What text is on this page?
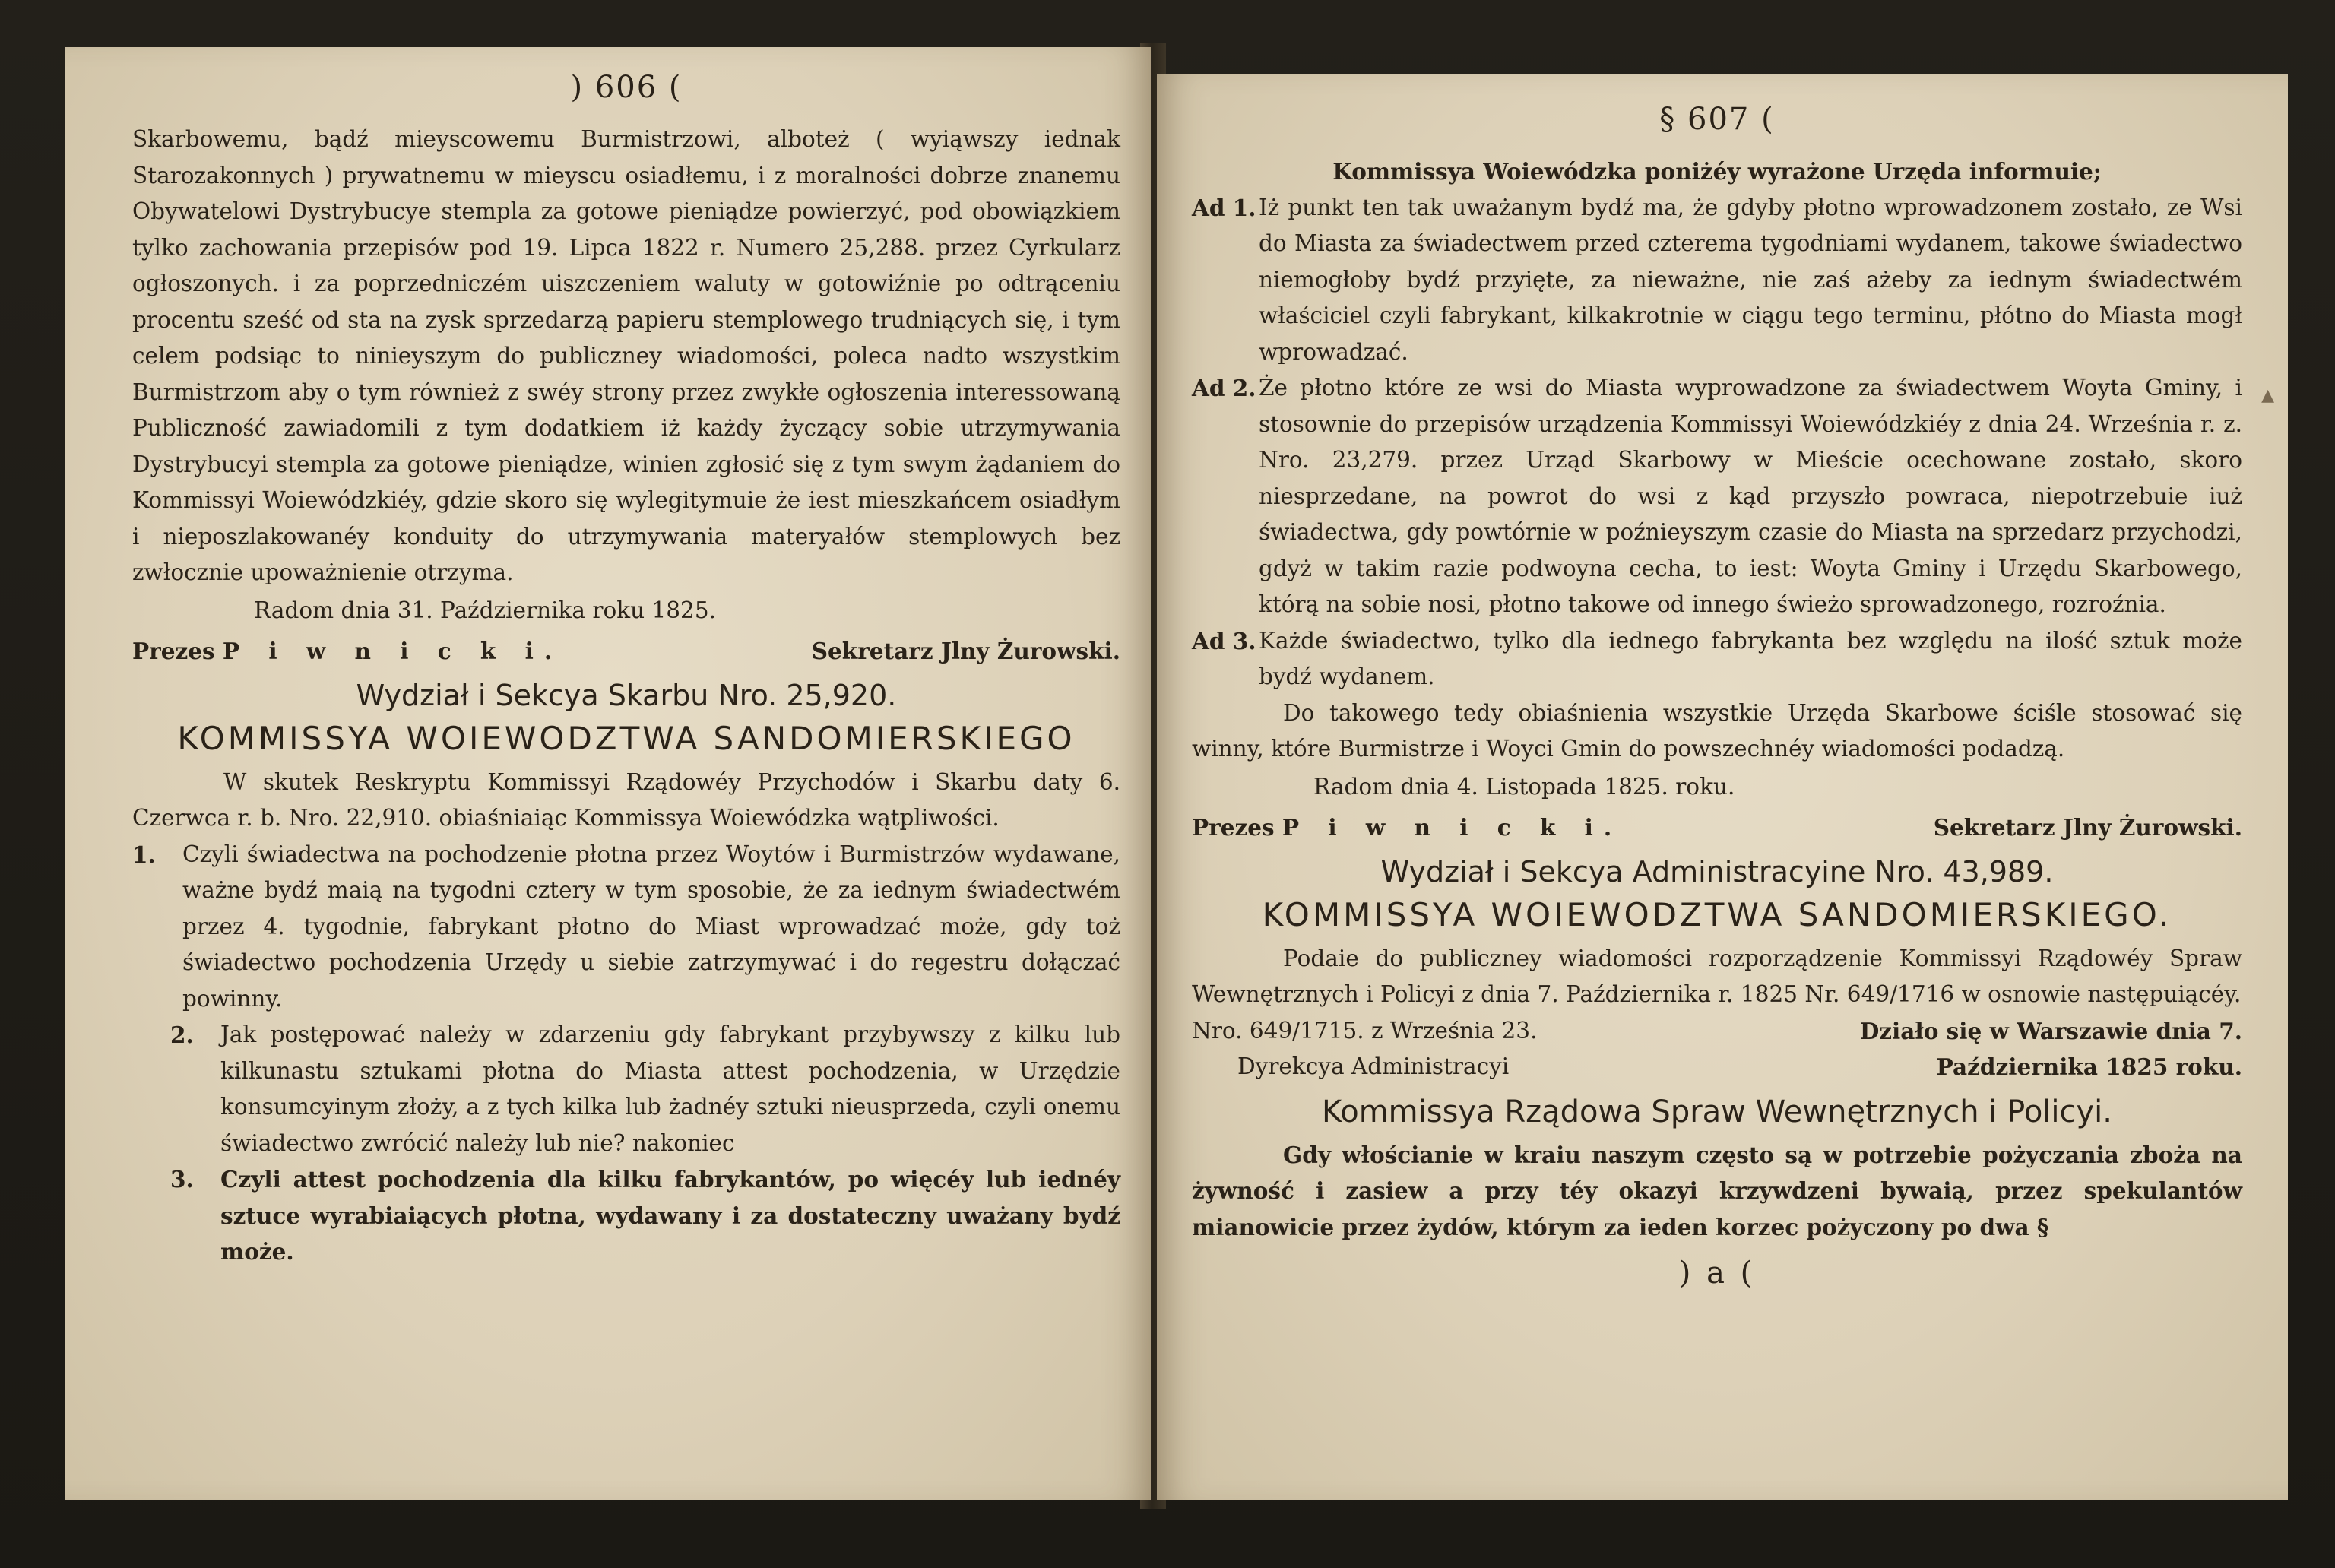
) 606 (

Skarbowemu, bądź mieyscowemu Burmistrzowi, alboteż ( wyiąwszy iednak Starozakonnych ) prywatnemu w mieyscu osiadłemu, i z moralności dobrze znanemu Obywatelowi Dystrybucye stempla za gotowe pieniądze powierzyć, pod obowiązkiem tylko zachowania przepisów pod 19. Lipca 1822 r. Numero 25,288. przez Cyrkularz ogłoszonych. i za poprzedniczém uiszczeniem waluty w gotowiźnie po odtrąceniu procentu sześć od sta na zysk sprzedarzą papieru stemplowego trudniących się, i tym celem podsiąc to ninieyszym do publiczney wiadomości, poleca nadto wszystkim Burmistrzom aby o tym również z swéy strony przez zwykłe ogłoszenia interessowaną Publiczność zawiadomili z tym dodatkiem iż każdy życzący sobie utrzymywania Dystrybucyi stempla za gotowe pieniądze, winien zgłosić się z tym swym żądaniem do Kommissyi Woiewódzkiéy, gdzie skoro się wylegitymuie że iest mieszkańcem osiadłym i nieposzlakowanéy konduity do utrzymywania materyałów stemplowych bez zwłocznie upoważnienie otrzyma.

Radom dnia 31. Października roku 1825.
Prezes P i w n i c k i.	Sekretarz Jlny Żurowski.
Wydział i Sekcya Skarbu Nro. 25,920.
KOMMISSYA WOIEWODZTWA SANDOMIERSKIEGO

W skutek Reskryptu Kommissyi Rządowéy Przychodów i Skarbu daty 6. Czerwca r. b. Nro. 22,910. obiaśniaiąc Kommissya Woiewódzka wątpliwości.

1.	Czyli świadectwa na pochodzenie płotna przez Woytów i Burmistrzów wydawane, ważne bydź maią na tygodni cztery w tym sposobie, że za iednym świadectwém przez 4. tygodnie, fabrykant płotno do Miast wprowadzać może, gdy toż świadectwo pochodzenia Urzędy u siebie zatrzymywać i do regestru dołączać powinny.
2.	Jak postępować należy w zdarzeniu gdy fabrykant przybywszy z kilku lub kilkunastu sztukami płotna do Miasta attest pochodzenia, w Urzędzie konsumcyinym złoży, a z tych kilka lub żadnéy sztuki nieusprzeda, czyli onemu świadectwo zwrócić należy lub nie? nakoniec
3.	Czyli attest pochodzenia dla kilku fabrykantów, po więcéy lub iednéy sztuce wyrabiaiących płotna, wydawany i za dostateczny uważany bydź może.
§ 607 (

Kommissya Woiewódzka poniżéy wyrażone Urzęda informuie;

Ad 1. Iż punkt ten tak uważanym bydź ma, że gdyby płotno wprowadzonem zostało, ze Wsi do Miasta za świadectwem przed czterema tygodniami wydanem, takowe świadectwo niemogłoby bydź przyięte, za nieważne, nie zaś ażeby za iednym świadectwém właściciel czyli fabrykant, kilkakrotnie w ciągu tego terminu, płótno do Miasta mogł wprowadzać.
Ad 2. Że płotno które ze wsi do Miasta wyprowadzone za świadectwem Woyta Gminy, i stosownie do przepisów urządzenia Kommissyi Woiewódzkiéy z dnia 24. Września r. z. Nro. 23,279. przez Urząd Skarbowy w Mieście ocechowane zostało, skoro niesprzedane, na powrot do wsi z kąd przyszło powraca, niepotrzebuie iuż świadectwa, gdy powtórnie w poźnieyszym czasie do Miasta na sprzedarz przychodzi, gdyż w takim razie podwoyna cecha, to iest: Woyta Gminy i Urzędu Skarbowego, którą na sobie nosi, płotno takowe od innego świeżo sprowadzonego, rozroźnia.
Ad 3. Każde świadectwo, tylko dla iednego fabrykanta bez względu na ilość sztuk może bydź wydanem.

Do takowego tedy obiaśnienia wszystkie Urzęda Skarbowe ściśle stosować się winny, które Burmistrze i Woyci Gmin do powszechnéy wiadomości podadzą.

Radom dnia 4. Listopada 1825. roku.
Prezes P i w n i c k i.	Sekretarz Jlny Żurowski.
Wydział i Sekcya Administracyine Nro. 43,989.
KOMMISSYA WOIEWODZTWA SANDOMIERSKIEGO.

Podaie do publiczney wiadomości rozporządzenie Kommissyi Rządowéy Spraw Wewnętrznych i Policyi z dnia 7. Października r. 1825 Nr. 649/1716 w osnowie następuiącéy.

Nro. 649/1715. z Września 23.	Działo się w Warszawie dnia 7.
Dyrekcya Administracyi	Października 1825 roku.
Kommissya Rządowa Spraw Wewnętrznych i Policyi.

Gdy włościanie w kraiu naszym często są w potrzebie pożyczania zboża na żywność i zasiew a przy téy okazyi krzywdzeni bywaią, przez spekulantów mianowicie przez żydów, którym za ieden korzec pożyczony po dwa §

) a (
▲
